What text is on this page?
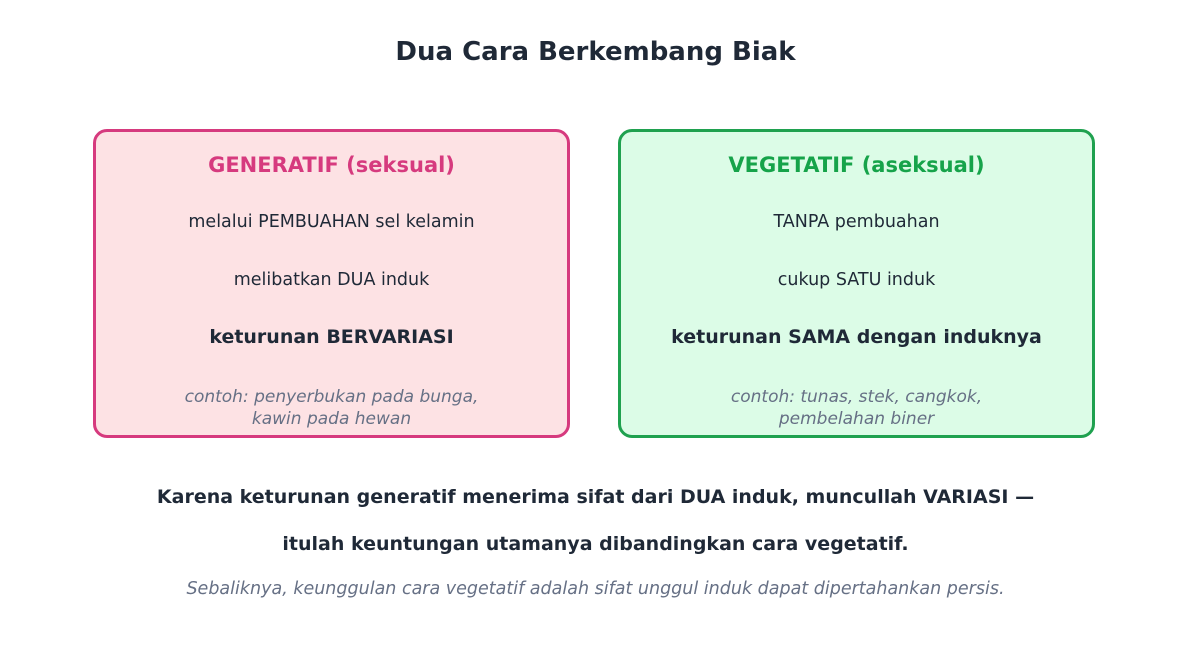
Dua Cara Berkembang Biak
GENERATIF (seksual)
melalui PEMBUAHAN sel kelamin
melibatkan DUA induk
keturunan BERVARIASI
contoh: penyerbukan pada bunga,
kawin pada hewan
VEGETATIF (aseksual)
TANPA pembuahan
cukup SATU induk
keturunan SAMA dengan induknya
contoh: tunas, stek, cangkok,
pembelahan biner
Karena keturunan generatif menerima sifat dari DUA induk, muncullah VARIASI —
itulah keuntungan utamanya dibandingkan cara vegetatif.
Sebaliknya, keunggulan cara vegetatif adalah sifat unggul induk dapat dipertahankan persis.
